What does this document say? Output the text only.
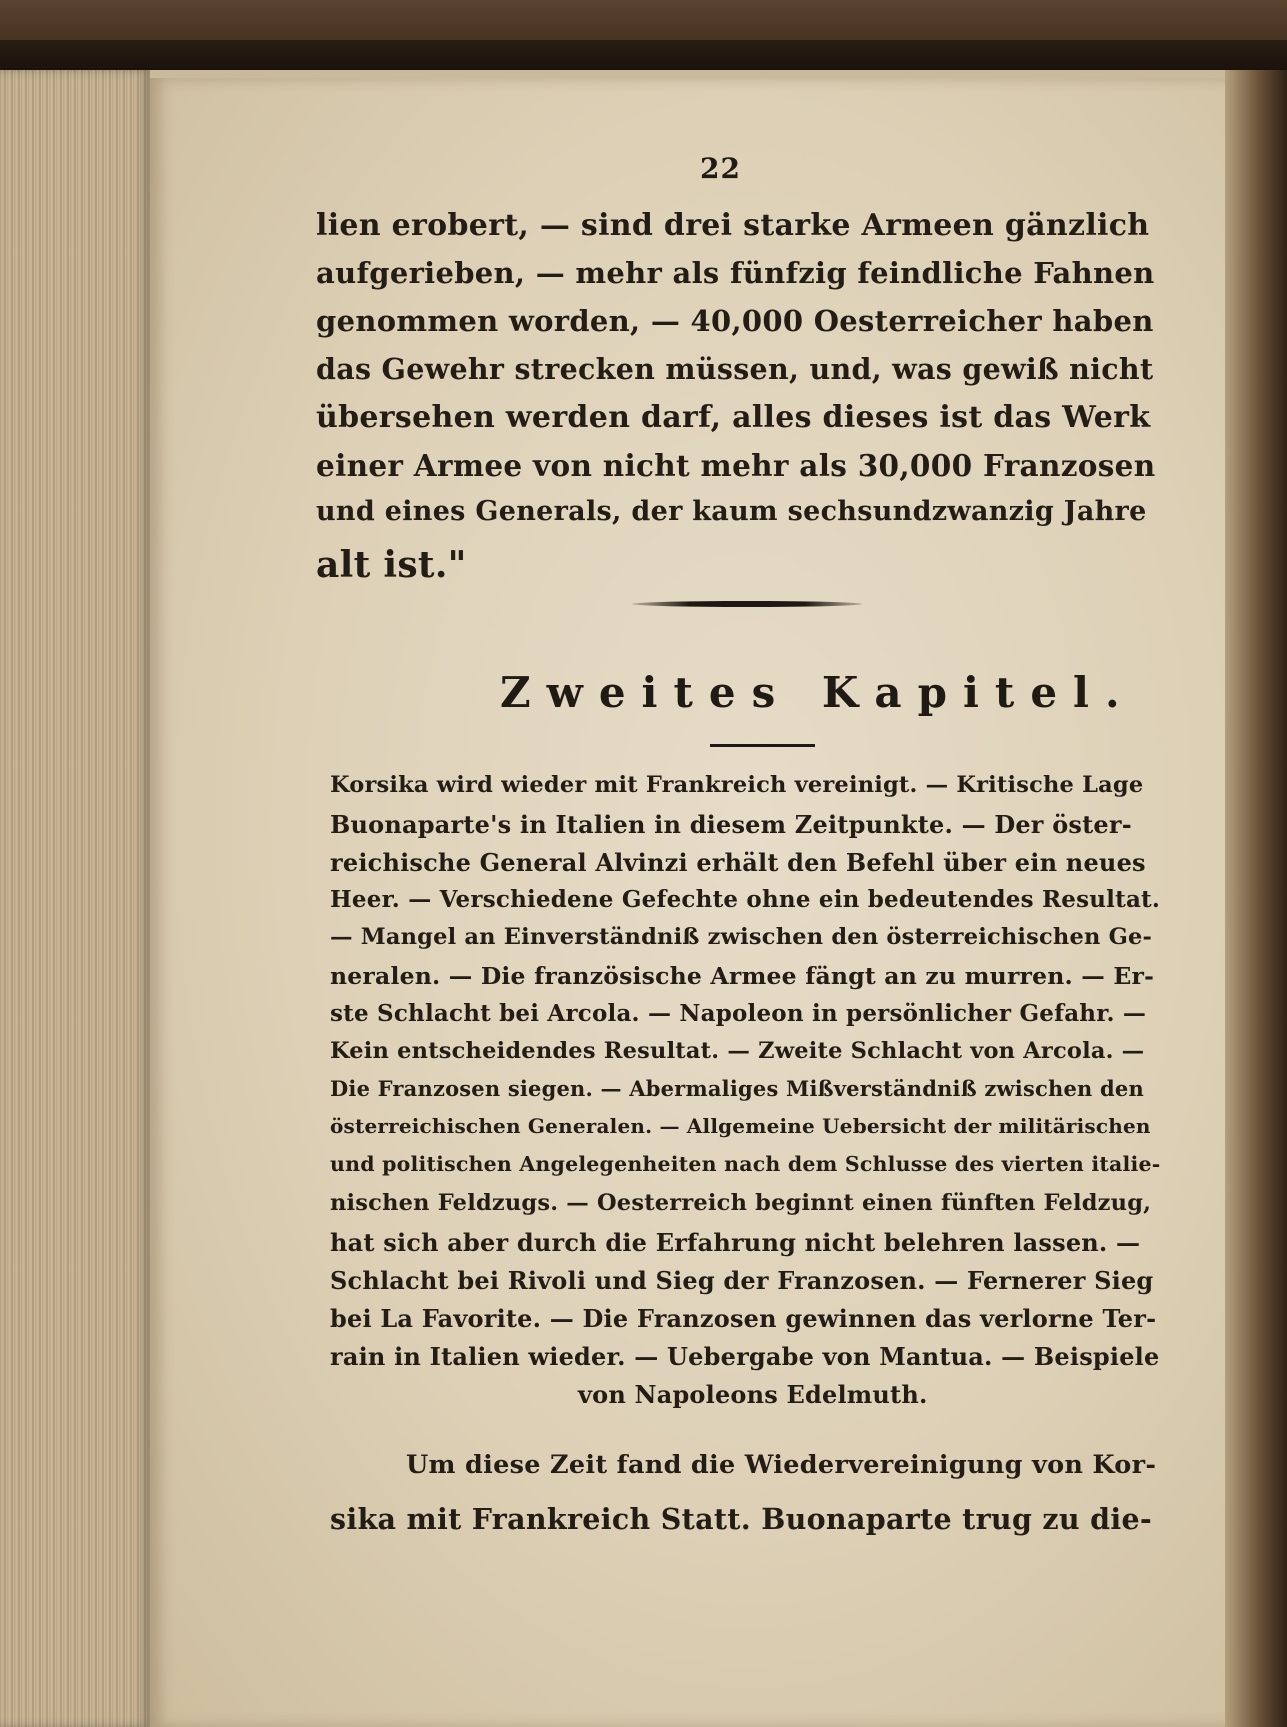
22
lien erobert, — sind drei starke Armeen gänzlich
aufgerieben, — mehr als fünfzig feindliche Fahnen
genommen worden, — 40,000 Oesterreicher haben
das Gewehr strecken müssen, und, was gewiß nicht
übersehen werden darf, alles dieses ist das Werk
einer Armee von nicht mehr als 30,000 Franzosen
und eines Generals, der kaum sechsundzwanzig Jahre
alt ist."
Zweites Kapitel.
Korsika wird wieder mit Frankreich vereinigt. — Kritische Lage
Buonaparte's in Italien in diesem Zeitpunkte. — Der öster-
reichische General Alvinzi erhält den Befehl über ein neues
Heer. — Verschiedene Gefechte ohne ein bedeutendes Resultat.
— Mangel an Einverständniß zwischen den österreichischen Ge-
neralen. — Die französische Armee fängt an zu murren. — Er-
ste Schlacht bei Arcola. — Napoleon in persönlicher Gefahr. —
Kein entscheidendes Resultat. — Zweite Schlacht von Arcola. —
Die Franzosen siegen. — Abermaliges Mißverständniß zwischen den
österreichischen Generalen. — Allgemeine Uebersicht der militärischen
und politischen Angelegenheiten nach dem Schlusse des vierten italie-
nischen Feldzugs. — Oesterreich beginnt einen fünften Feldzug,
hat sich aber durch die Erfahrung nicht belehren lassen. —
Schlacht bei Rivoli und Sieg der Franzosen. — Fernerer Sieg
bei La Favorite. — Die Franzosen gewinnen das verlorne Ter-
rain in Italien wieder. — Uebergabe von Mantua. — Beispiele
von Napoleons Edelmuth.
Um diese Zeit fand die Wiedervereinigung von Kor-
sika mit Frankreich Statt. Buonaparte trug zu die-
